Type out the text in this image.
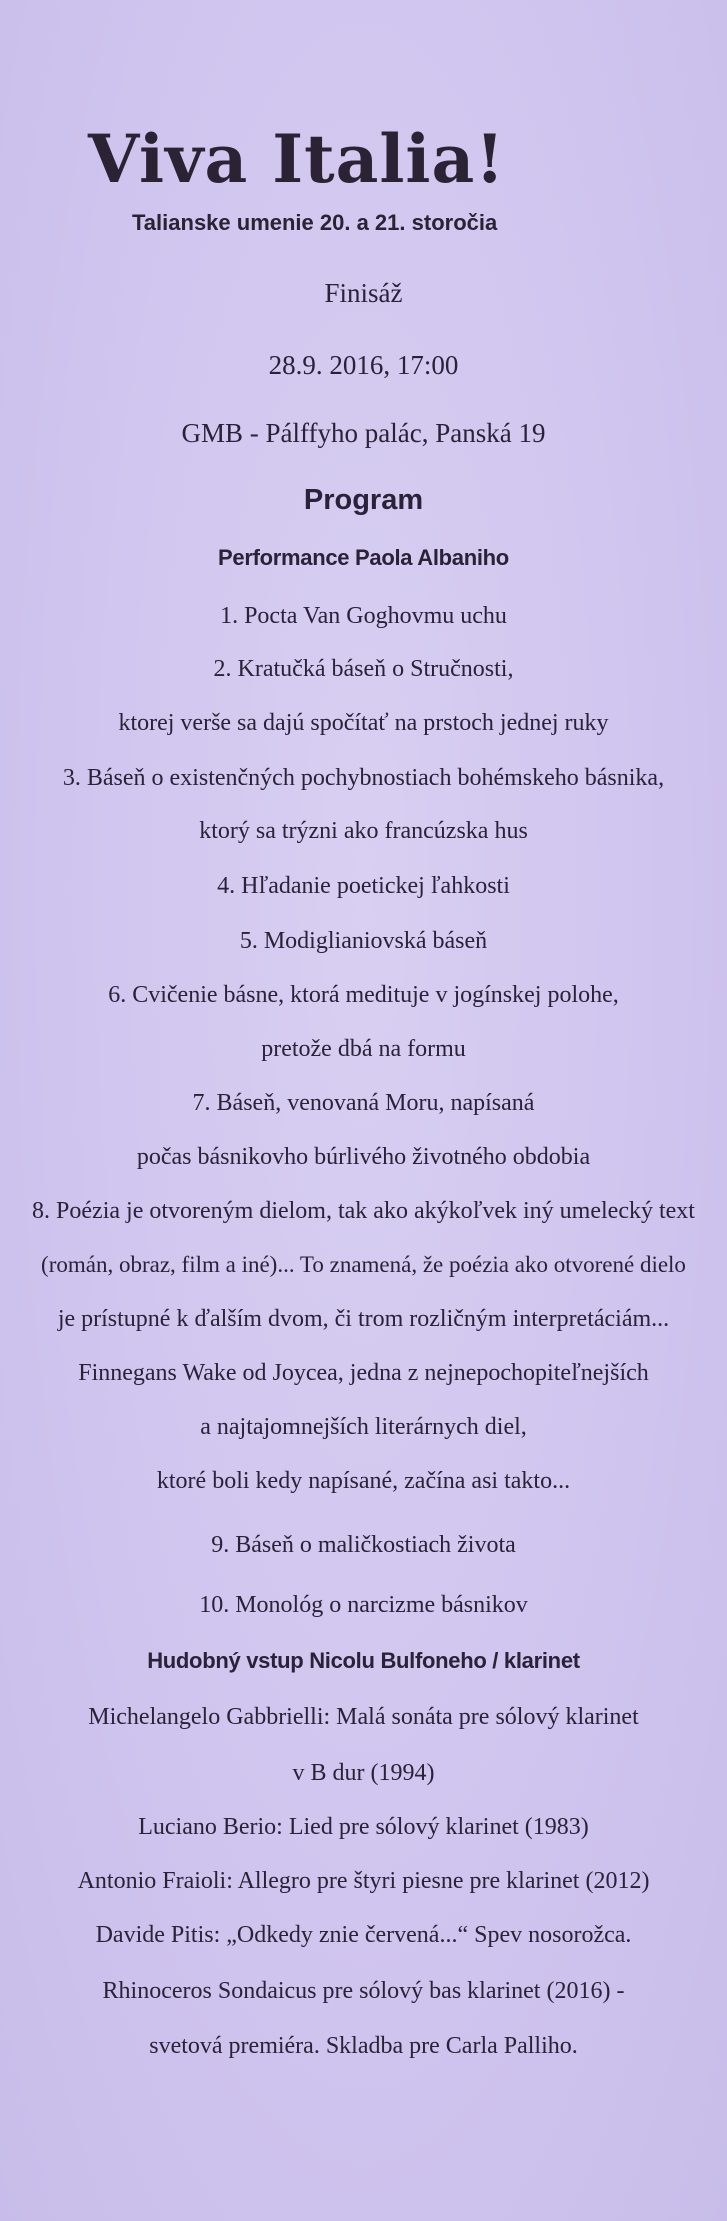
Viva Italia!
Talianske umenie 20. a 21. storočia
Finisáž
28.9. 2016, 17:00
GMB - Pálffyho palác, Panská 19
Program
Performance Paola Albaniho
1. Pocta Van Goghovmu uchu
2. Kratučká báseň o Stručnosti,
ktorej verše sa dajú spočítať na prstoch jednej ruky
3. Báseň o existenčných pochybnostiach bohémskeho básnika,
ktorý sa trýzni ako francúzska hus
4. Hľadanie poetickej ľahkosti
5. Modiglianiovská báseň
6. Cvičenie básne, ktorá medituje v jogínskej polohe,
pretože dbá na formu
7. Báseň, venovaná Moru, napísaná
počas básnikovho búrlivého životného obdobia
8. Poézia je otvoreným dielom, tak ako akýkoľvek iný umelecký text
(román, obraz, film a iné)... To znamená, že poézia ako otvorené dielo
je prístupné k ďalším dvom, či trom rozličným interpretáciám...
Finnegans Wake od Joycea, jedna z nejnepochopiteľnejších
a najtajomnejších literárnych diel,
ktoré boli kedy napísané, začína asi takto...
9. Báseň o maličkostiach života
10. Monológ o narcizme básnikov
Hudobný vstup Nicolu Bulfoneho / klarinet
Michelangelo Gabbrielli: Malá sonáta pre sólový klarinet
v B dur (1994)
Luciano Berio: Lied pre sólový klarinet (1983)
Antonio Fraioli: Allegro pre štyri piesne pre klarinet (2012)
Davide Pitis: „Odkedy znie červená...“ Spev nosorožca.
Rhinoceros Sondaicus pre sólový bas klarinet (2016) -
svetová premiéra. Skladba pre Carla Palliho.
